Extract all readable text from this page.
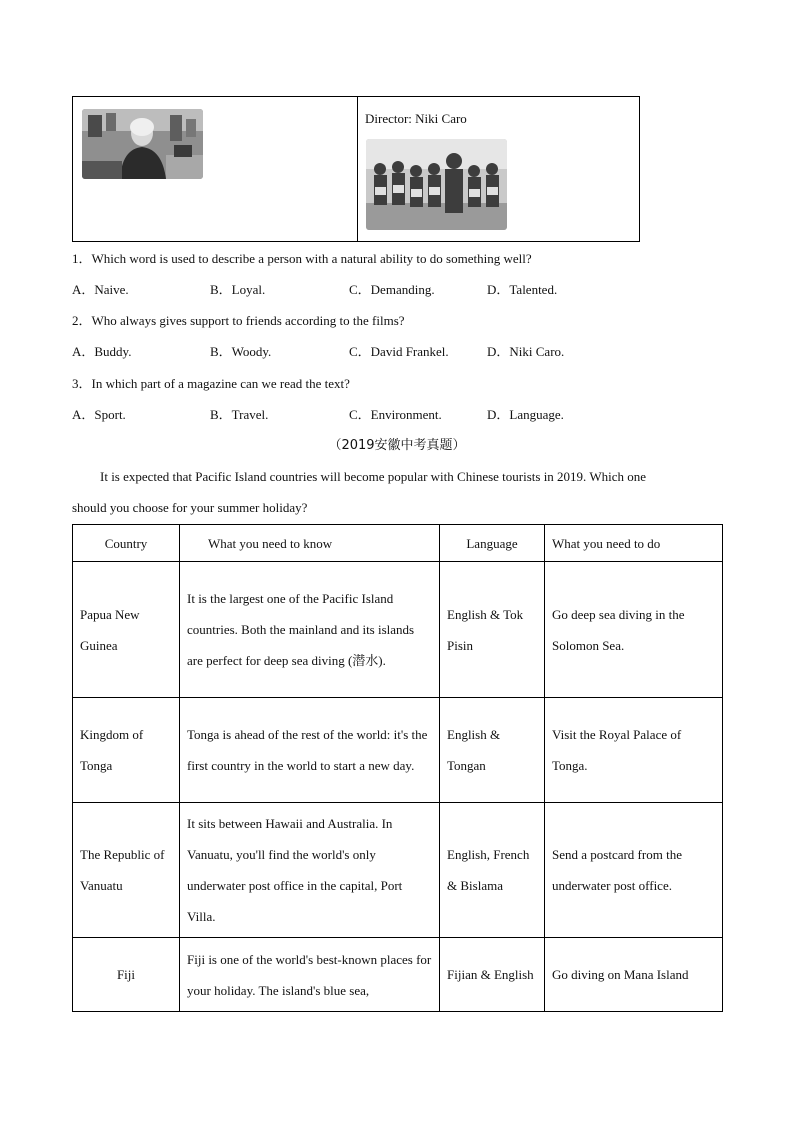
Director: Niki Caro
1．Which word is used to describe a person with a natural ability to do something well?
A．Naive.	B．Loyal.	C．Demanding.	D．Talented.
2．Who always gives support to friends according to the films?
A．Buddy.	B．Woody.	C．David Frankel.	D．Niki Caro.
3．In which part of a magazine can we read the text?
A．Sport.	B．Travel.	C．Environment.	D．Language.
（2019安徽中考真题）
It is expected that Pacific Island countries will become popular with Chinese tourists in 2019. Which one
should you choose for your summer holiday?
Country	What you need to know	Language	What you need to do
Papua New Guinea	It is the largest one of the Pacific Island countries. Both the mainland and its islands are perfect for deep sea diving (潜水).	English & Tok Pisin	Go deep sea diving in the Solomon Sea.
Kingdom of Tonga	Tonga is ahead of the rest of the world: it's the first country in the world to start a new day.	English & Tongan	Visit the Royal Palace of Tonga.
The Republic of Vanuatu	It sits between Hawaii and Australia. In Vanuatu, you'll find the world's only underwater post office in the capital, Port Villa.	English, French & Bislama	Send a postcard from the underwater post office.
Fiji	Fiji is one of the world's best-known places for your holiday. The island's blue sea,	Fijian & English	Go diving on Mana Island
